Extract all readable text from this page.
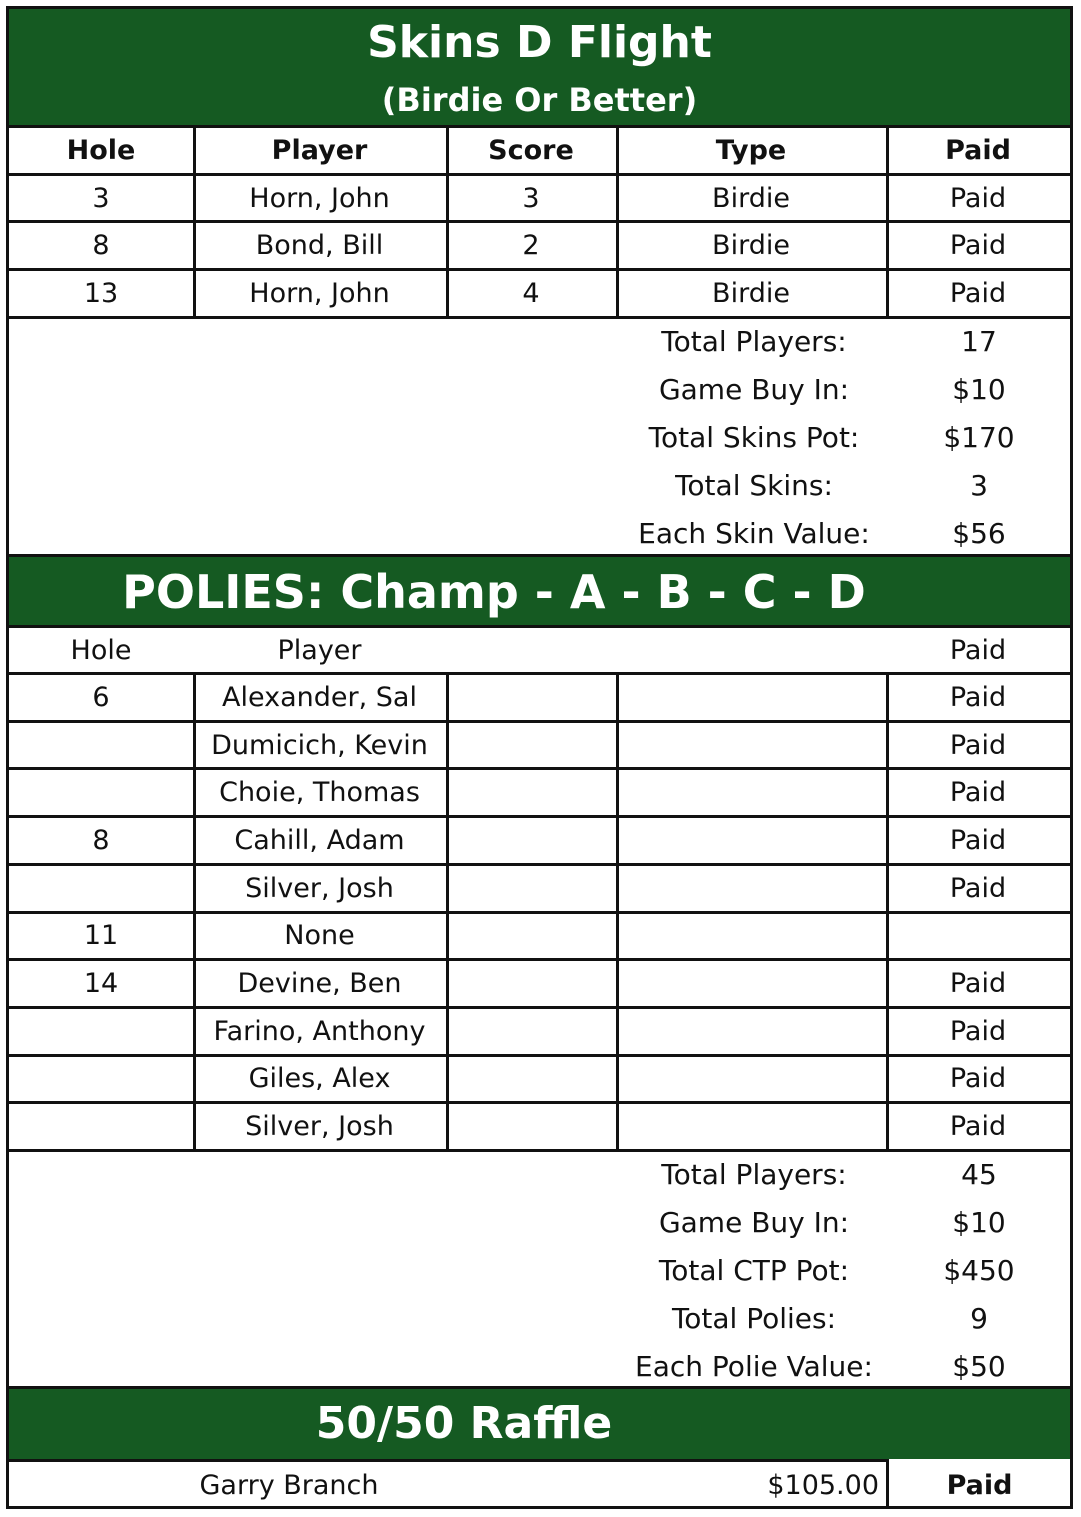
Skins D Flight
(Birdie Or Better)
Hole	Player	Score	Type	Paid
3	Horn, John	3	Birdie	Paid
8	Bond, Bill	2	Birdie	Paid
13	Horn, John	4	Birdie	Paid
Total Players:	17
Game Buy In:	$10
Total Skins Pot:	$170
Total Skins:	3
Each Skin Value:	$56
POLIES: Champ - A - B - C - D
Hole	Player	Paid
6	Alexander, Sal	Paid
Dumicich, Kevin	Paid
Choie, Thomas	Paid
8	Cahill, Adam	Paid
Silver, Josh	Paid
11	None
14	Devine, Ben	Paid
Farino, Anthony	Paid
Giles, Alex	Paid
Silver, Josh	Paid
Total Players:	45
Game Buy In:	$10
Total CTP Pot:	$450
Total Polies:	9
Each Polie Value:	$50
50/50 Raffle
Garry Branch	$105.00	Paid
